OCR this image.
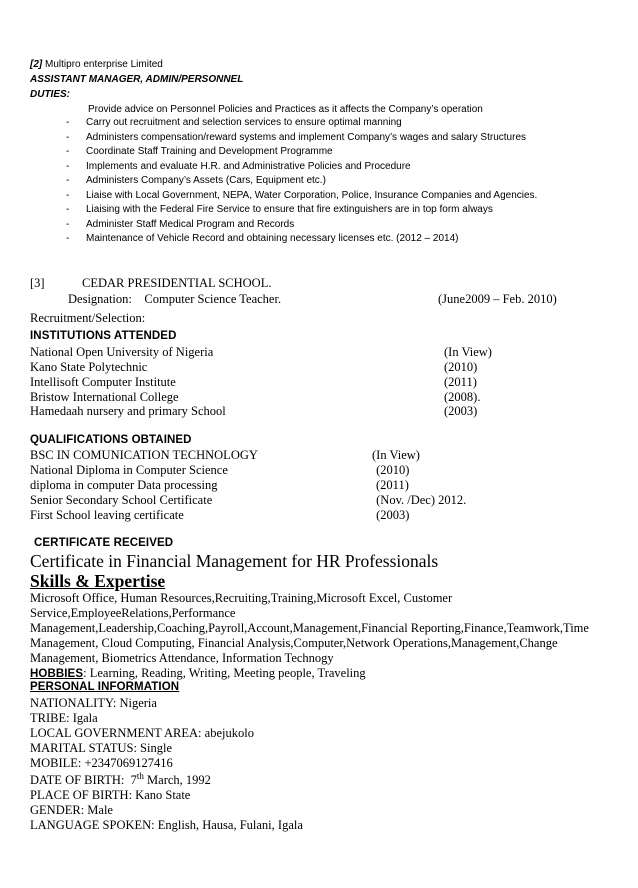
[2] Multipro enterprise Limited
ASSISTANT MANAGER, ADMIN/PERSONNEL
DUTIES:
Provide advice on Personnel Policies and Practices as it affects the Company’s operation
- Carry out recruitment and selection services to ensure optimal manning
- Administers compensation/reward systems and implement Company’s wages and salary Structures
- Coordinate Staff Training and Development Programme
- Implements and evaluate H.R. and Administrative Policies and Procedure
- Administers Company’s Assets (Cars, Equipment etc.)
- Liaise with Local Government, NEPA, Water Corporation, Police, Insurance Companies and Agencies.
- Liaising with the Federal Fire Service to ensure that fire extinguishers are in top form always
- Administer Staff Medical Program and Records
- Maintenance of Vehicle Record and obtaining necessary licenses etc. (2012 – 2014)
[3]	CEDAR PRESIDENTIAL SCHOOL.
Designation:    Computer Science Teacher.	(June2009 – Feb. 2010)
Recruitment/Selection:
INSTITUTIONS ATTENDED
National Open University of Nigeria	(In View)
Kano State Polytechnic	(2010)
Intellisoft Computer Institute	(2011)
Bristow International College	(2008).
Hamedaah nursery and primary School	(2003)
QUALIFICATIONS OBTAINED
BSC IN COMUNICATION TECHNOLOGY	(In View)
National Diploma in Computer Science	(2010)
diploma in computer Data processing	(2011)
Senior Secondary School Certificate	(Nov. /Dec) 2012.
First School leaving certificate	(2003)
CERTIFICATE RECEIVED
Certificate in Financial Management for HR Professionals
Skills & Expertise
Microsoft Office, Human Resources,Recruiting,Training,Microsoft Excel, Customer Service,EmployeeRelations,Performance Management,Leadership,Coaching,Payroll,Account,Management,Financial Reporting,Finance,Teamwork,Time Management, Cloud Computing, Financial Analysis,Computer,Network Operations,Management,Change Management, Biometrics Attendance, Information Technogy
HOBBIES: Learning, Reading, Writing, Meeting people, Traveling
PERSONAL INFORMATION
NATIONALITY: Nigeria
TRIBE: Igala
LOCAL GOVERNMENT AREA: abejukolo
MARITAL STATUS: Single
MOBILE: +2347069127416
DATE OF BIRTH:  7th March, 1992
PLACE OF BIRTH: Kano State
GENDER: Male
LANGUAGE SPOKEN: English, Hausa, Fulani, Igala
